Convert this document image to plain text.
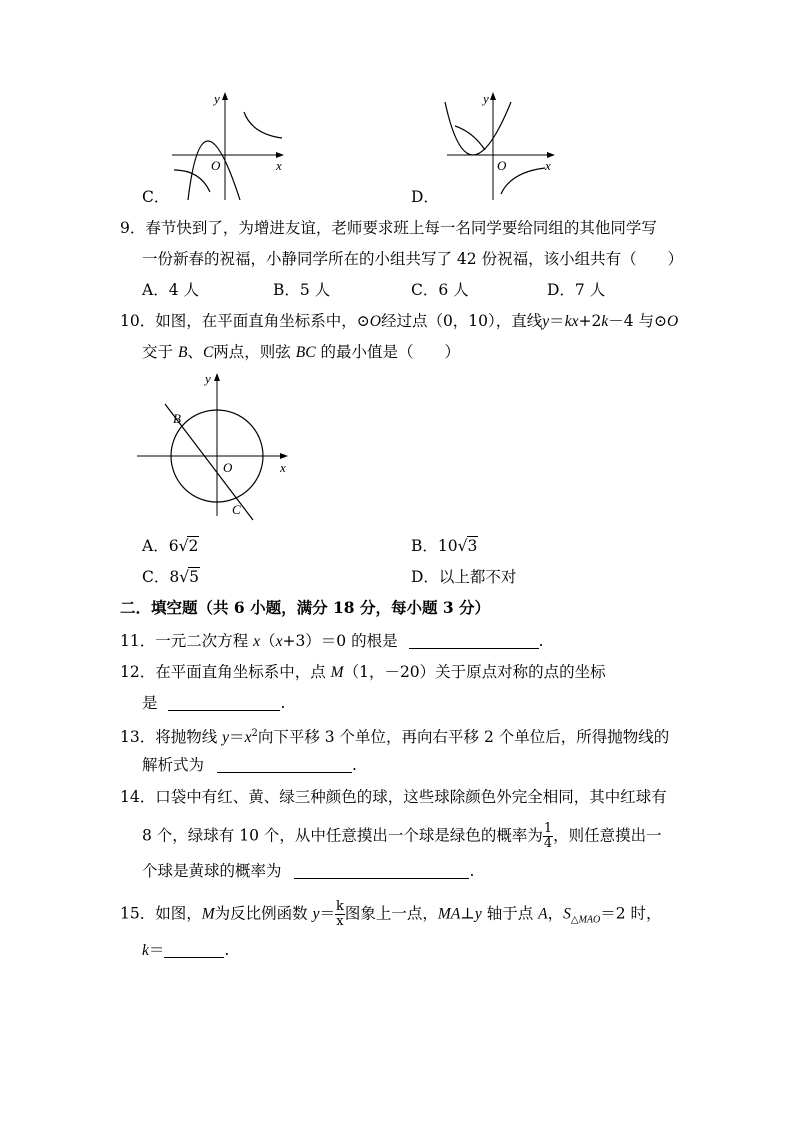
y
x
O
C．
y
x
O
D．
9．春节快到了，为增进友谊，老师要求班上每一名同学要给同组的其他同学写
一份新春的祝福，小静同学所在的小组共写了 42 份祝福，该小组共有（　　）
A．4 人	B．5 人	C．6 人	D．7 人
10．如图，在平面直角坐标系中，⊙O经过点（0，10），直线y＝kx+2k－4 与⊙O
交于 B、C两点，则弦 BC 的最小值是（　　）
y
x
O
B
C
A．6√2	B．10√3
C．8√5	D．以上都不对
二．填空题（共 6 小题，满分 18 分，每小题 3 分）
11．一元二次方程 x（x+3）＝0 的根是	.
12．在平面直角坐标系中，点 M（1，－20）关于原点对称的点的坐标
是	.
13．将抛物线 $y=x^2$向下平移 3 个单位，再向右平移 2 个单位后，所得抛物线的
解析式为	.
14．口袋中有红、黄、绿三种颜色的球，这些球除颜色外完全相同，其中红球有
8 个，绿球有 10 个，从中任意摸出一个球是绿色的概率为 $\frac{1}{4}$ ，则任意摸出一
个球是黄球的概率为	.
15．如图，M为反比例函数 $y= \frac{k}{x}$ 图象上一点，MA⊥y 轴于点 A，$S_{\triangle MAO}=2$ 时，
k＝	.
